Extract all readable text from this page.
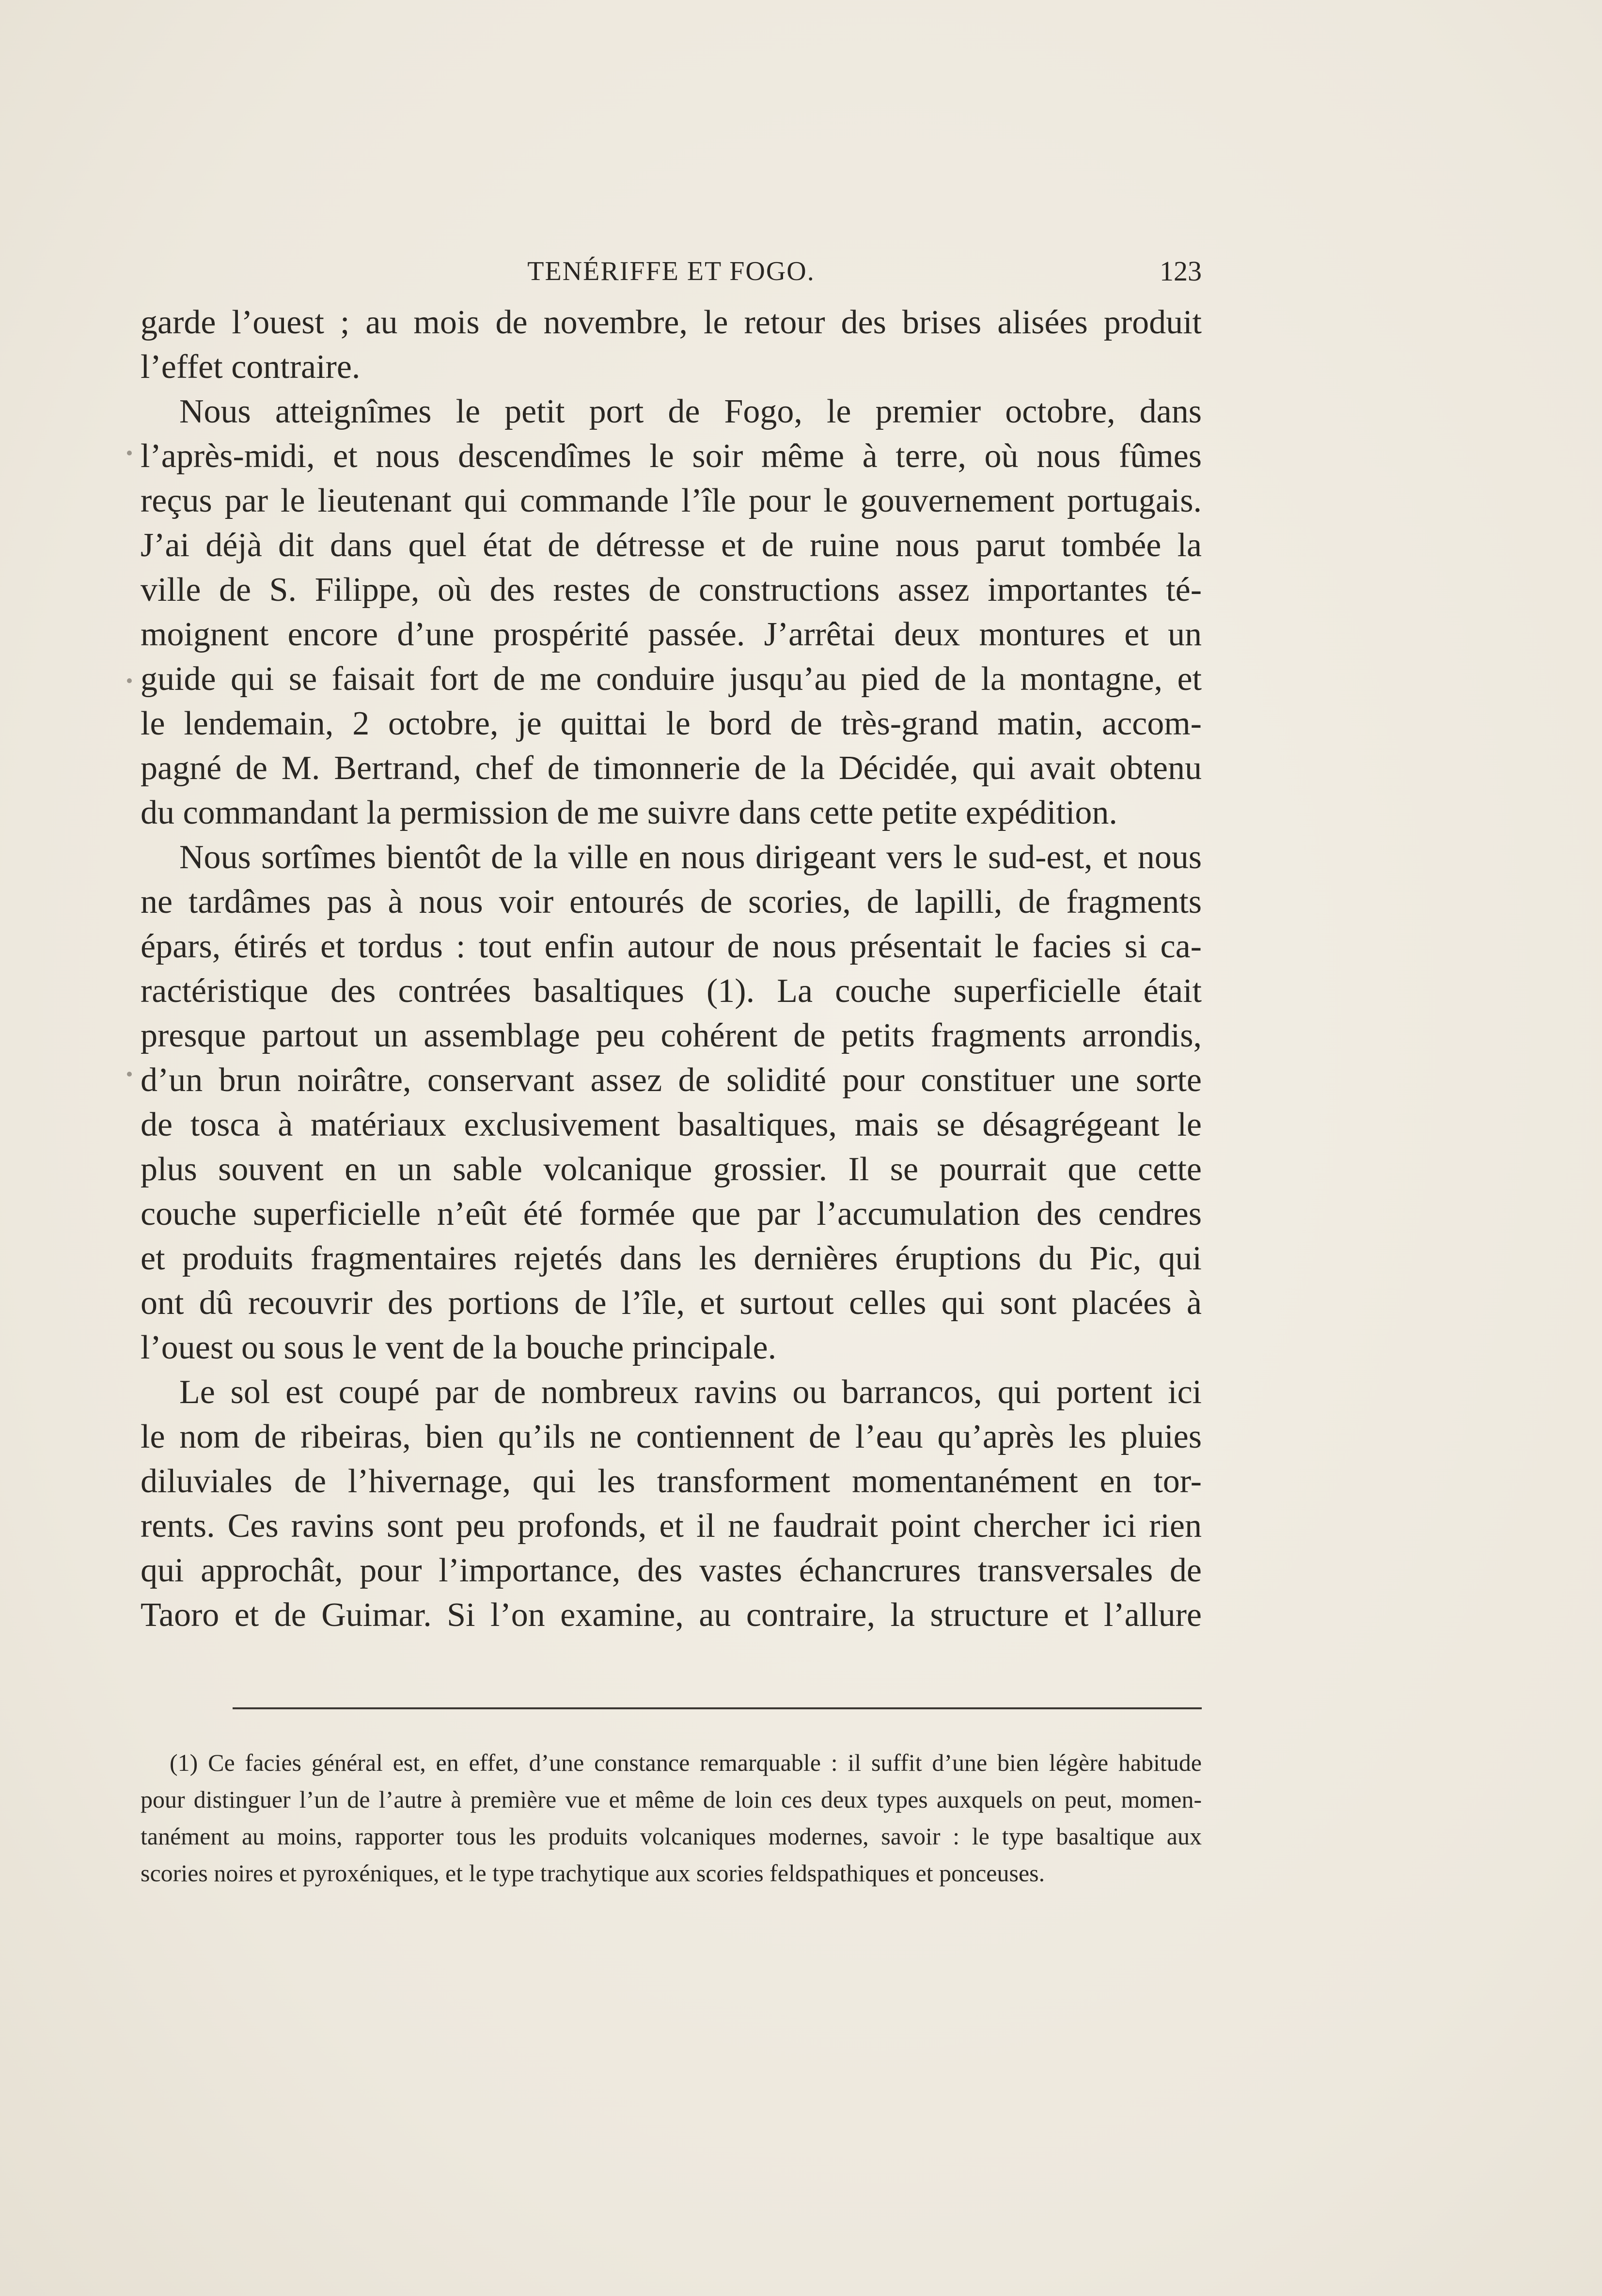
TENÉRIFFE ET FOGO.	123
garde l’ouest ; au mois de novembre, le retour des brises alisées produit
l’effet contraire.
Nous atteignîmes le petit port de Fogo, le premier octobre, dans
l’après-midi, et nous descendîmes le soir même à terre, où nous fûmes
reçus par le lieutenant qui commande l’île pour le gouvernement portugais.
J’ai déjà dit dans quel état de détresse et de ruine nous parut tombée la
ville de S. Filippe, où des restes de constructions assez importantes té-
moignent encore d’une prospérité passée. J’arrêtai deux montures et un
guide qui se faisait fort de me conduire jusqu’au pied de la montagne, et
le lendemain, 2 octobre, je quittai le bord de très-grand matin, accom-
pagné de M. Bertrand, chef de timonnerie de la Décidée, qui avait obtenu
du commandant la permission de me suivre dans cette petite expédition.
Nous sortîmes bientôt de la ville en nous dirigeant vers le sud-est, et nous
ne tardâmes pas à nous voir entourés de scories, de lapilli, de fragments
épars, étirés et tordus : tout enfin autour de nous présentait le facies si ca-
ractéristique des contrées basaltiques (1). La couche superficielle était
presque partout un assemblage peu cohérent de petits fragments arrondis,
d’un brun noirâtre, conservant assez de solidité pour constituer une sorte
de tosca à matériaux exclusivement basaltiques, mais se désagrégeant le
plus souvent en un sable volcanique grossier. Il se pourrait que cette
couche superficielle n’eût été formée que par l’accumulation des cendres
et produits fragmentaires rejetés dans les dernières éruptions du Pic, qui
ont dû recouvrir des portions de l’île, et surtout celles qui sont placées à
l’ouest ou sous le vent de la bouche principale.
Le sol est coupé par de nombreux ravins ou barrancos, qui portent ici
le nom de ribeiras, bien qu’ils ne contiennent de l’eau qu’après les pluies
diluviales de l’hivernage, qui les transforment momentanément en tor-
rents. Ces ravins sont peu profonds, et il ne faudrait point chercher ici rien
qui approchât, pour l’importance, des vastes échancrures transversales de
Taoro et de Guimar. Si l’on examine, au contraire, la structure et l’allure
(1) Ce facies général est, en effet, d’une constance remarquable : il suffit d’une bien légère habitude
pour distinguer l’un de l’autre à première vue et même de loin ces deux types auxquels on peut, momen-
tanément au moins, rapporter tous les produits volcaniques modernes, savoir : le type basaltique aux
scories noires et pyroxéniques, et le type trachytique aux scories feldspathiques et ponceuses.
